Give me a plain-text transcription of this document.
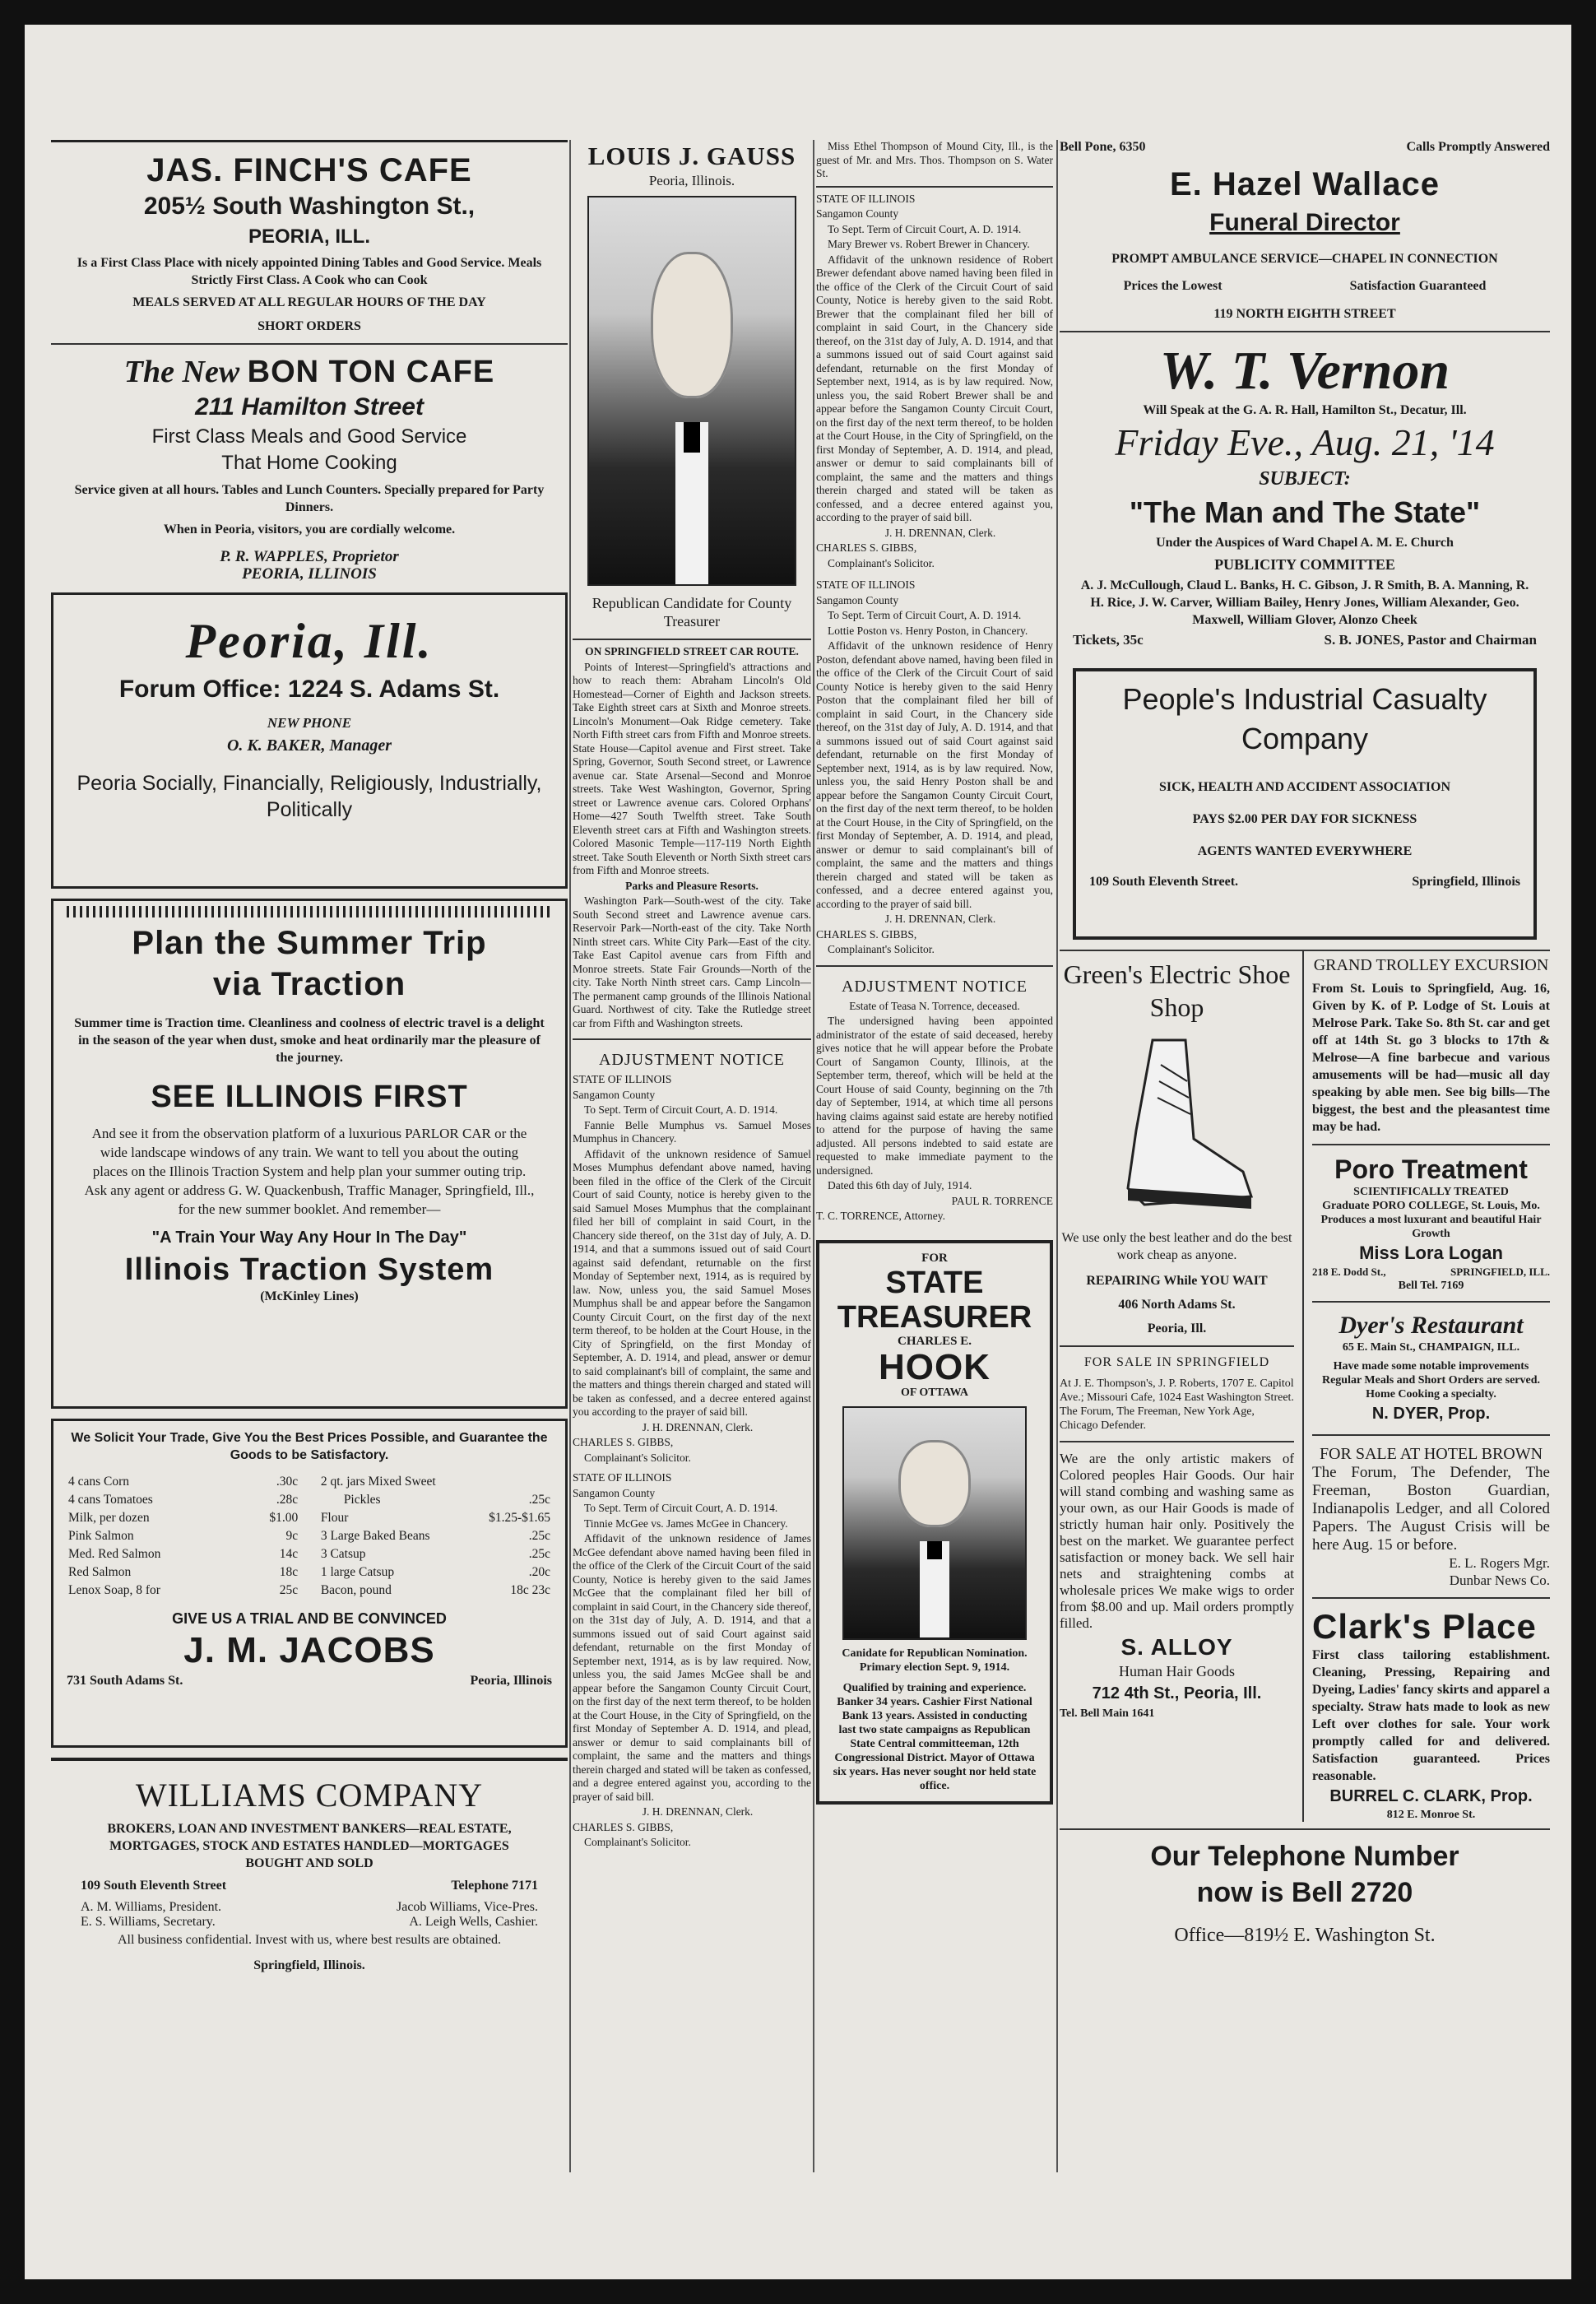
JAS. FINCH'S CAFE
205½ South Washington St.,
PEORIA, ILL.

Is a First Class Place with nicely appointed Dining Tables and Good Service. Meals Strictly First Class. A Cook who can Cook

MEALS SERVED AT ALL REGULAR HOURS OF THE DAY

SHORT ORDERS

The New BON TON CAFE
211 Hamilton Street
First Class Meals and Good Service
That Home Cooking

Service given at all hours. Tables and Lunch Counters. Specially prepared for Party Dinners.

When in Peoria, visitors, you are cordially welcome.

P. R. WAPPLES, Proprietor

PEORIA, ILLINOIS

Peoria, Ill.
Forum Office: 1224 S. Adams St.
NEW PHONE
O. K. BAKER, Manager
Peoria Socially, Financially, Religiously, Industrially, Politically
Plan the Summer Trip
via Traction

Summer time is Traction time. Cleanliness and coolness of electric travel is a delight in the season of the year when dust, smoke and heat ordinarily mar the pleasure of the journey.

SEE ILLINOIS FIRST

And see it from the observation platform of a luxurious PARLOR CAR or the wide landscape windows of any train. We want to tell you about the outing places on the Illinois Traction System and help plan your summer outing trip. Ask any agent or address G. W. Quackenbush, Traffic Manager, Springfield, Ill., for the new summer booklet. And remember—

"A Train Your Way Any Hour In The Day"
Illinois Traction System
(McKinley Lines)

We Solicit Your Trade, Give You the Best Prices Possible, and Guarantee the Goods to be Satisfactory.

4 cans Corn	.30c
4 cans Tomatoes	.28c
Milk, per dozen	$1.00
Pink Salmon	9c
Med. Red Salmon	14c
Red Salmon	18c
Lenox Soap, 8 for	25c
2 qt. jars Mixed Sweet	
Pickles	.25c
Flour	$1.25-$1.65
3 Large Baked Beans	.25c
3 Catsup	.25c
1 large Catsup	.20c
Bacon, pound	18c 23c
GIVE US A TRIAL AND BE CONVINCED
J. M. JACOBS
731 South Adams St.	Peoria, Illinois
WILLIAMS COMPANY

BROKERS, LOAN AND INVESTMENT BANKERS—REAL ESTATE, MORTGAGES, STOCK AND ESTATES HANDLED—MORTGAGES BOUGHT AND SOLD

109 South Eleventh Street	Telephone 7171
A. M. Williams, President.	Jacob Williams, Vice-Pres.
E. S. Williams, Secretary.	A. Leigh Wells, Cashier.

All business confidential. Invest with us, where best results are obtained.

Springfield, Illinois.

LOUIS J. GAUSS
Peoria, Illinois.
Republican Candidate for County Treasurer

ON SPRINGFIELD STREET CAR ROUTE.

Points of Interest—Springfield's attractions and how to reach them: Abraham Lincoln's Old Homestead—Corner of Eighth and Jackson streets. Take Eighth street cars at Sixth and Monroe streets. Lincoln's Monument—Oak Ridge cemetery. Take North Fifth street cars from Fifth and Monroe streets. State House—Capitol avenue and First street. Take Spring, Governor, South Second street, or Lawrence avenue car. State Arsenal—Second and Monroe streets. Take West Washington, Governor, Spring street or Lawrence avenue cars. Colored Orphans' Home—427 South Twelfth street. Take South Eleventh street cars at Fifth and Washington streets. Colored Masonic Temple—117-119 North Eighth street. Take South Eleventh or North Sixth street cars from Fifth and Monroe streets.

Parks and Pleasure Resorts.

Washington Park—South-west of the city. Take South Second street and Lawrence avenue cars. Reservoir Park—North-east of the city. Take North Ninth street cars. White City Park—East of the city. Take East Capitol avenue cars from Fifth and Monroe streets. State Fair Grounds—North of the city. Take North Ninth street cars. Camp Lincoln—The permanent camp grounds of the Illinois National Guard. Northwest of city. Take the Rutledge street car from Fifth and Washington streets.

ADJUSTMENT NOTICE

STATE OF ILLINOIS

Sangamon County

To Sept. Term of Circuit Court, A. D. 1914.

Fannie Belle Mumphus vs. Samuel Moses Mumphus in Chancery.

Affidavit of the unknown residence of Samuel Moses Mumphus defendant above named, having been filed in the office of the Clerk of the Circuit Court of said County, notice is hereby given to the said Samuel Moses Mumphus that the complainant filed her bill of complaint in said Court, in the Chancery side thereof, on the 31st day of July, A. D. 1914, and that a summons issued out of said Court against said defendant, returnable on the first Monday of September next, 1914, as is required by law. Now, unless you, the said Samuel Moses Mumphus shall be and appear before the Sangamon County Circuit Court, on the first day of the next term thereof, to be holden at the Court House, in the City of Springfield, on the first Monday of September, A. D. 1914, and plead, answer or demur to said complainant's bill of complaint, the same and the matters and things therein charged and stated will be taken as confessed, and a decree entered against you according to the prayer of said bill.

J. H. DRENNAN, Clerk.

CHARLES S. GIBBS,

Complainant's Solicitor.

STATE OF ILLINOIS

Sangamon County

To Sept. Term of Circuit Court, A. D. 1914.

Tinnie McGee vs. James McGee in Chancery.

Affidavit of the unknown residence of James McGee defendant above named having been filed in the office of the Clerk of the Circuit Court of the said County, Notice is hereby given to the said James McGee that the complainant filed her bill of complaint in said Court, in the Chancery side thereof, on the 31st day of July, A. D. 1914, and that a summons issued out of said Court against said defendant, returnable on the first Monday of September next, 1914, as is by law required. Now, unless you, the said James McGee shall be and appear before the Sangamon County Circuit Court, on the first day of the next term thereof, to be holden at the Court House, in the City of Springfield, on the first Monday of September A. D. 1914, and plead, answer or demur to said complainants bill of complaint, the same and the matters and things therein charged and stated will be taken as confessed, and a degree entered against you, according to the prayer of said bill.

J. H. DRENNAN, Clerk.

CHARLES S. GIBBS,

Complainant's Solicitor.

Miss Ethel Thompson of Mound City, Ill., is the guest of Mr. and Mrs. Thos. Thompson on S. Water St.

STATE OF ILLINOIS

Sangamon County

To Sept. Term of Circuit Court, A. D. 1914.

Mary Brewer vs. Robert Brewer in Chancery.

Affidavit of the unknown residence of Robert Brewer defendant above named having been filed in the office of the Clerk of the Circuit Court of said County, Notice is hereby given to the said Robt. Brewer that the complainant filed her bill of complaint in said Court, in the Chancery side thereof, on the 31st day of July, A. D. 1914, and that a summons issued out of said Court against said defendant, returnable on the first Monday of September next, 1914, as is by law required. Now, unless you, the said Robert Brewer shall be and appear before the Sangamon County Circuit Court, on the first day of the next term thereof, to be holden at the Court House, in the City of Springfield, on the first Monday of September, A. D. 1914, and plead, answer or demur to said complainants bill of complaint, the same and the matters and things therein charged and stated will be taken as confessed, and a decree entered against you, according to the prayer of said bill.

J. H. DRENNAN, Clerk.

CHARLES S. GIBBS,

Complainant's Solicitor.

STATE OF ILLINOIS

Sangamon County

To Sept. Term of Circuit Court, A. D. 1914.

Lottie Poston vs. Henry Poston, in Chancery.

Affidavit of the unknown residence of Henry Poston, defendant above named, having been filed in the office of the Clerk of the Circuit Court of said County Notice is hereby given to the said Henry Poston that the complainant filed her bill of complaint in said Court, in the Chancery side thereof, on the 31st day of July, A. D. 1914, and that a summons issued out of said Court against said defendant, returnable on the first Monday of September next, 1914, as is by law required. Now, unless you, the said Henry Poston shall be and appear before the Sangamon County Circuit Court, on the first day of the next term thereof, to be holden at the Court House, in the City of Springfield, on the first Monday of September, A. D. 1914, and plead, answer or demur to said complainant's bill of complaint, the same and the matters and things therein charged and stated will be taken as confessed, and a decree entered against you, according to the prayer of said bill.

J. H. DRENNAN, Clerk.

CHARLES S. GIBBS,

Complainant's Solicitor.

ADJUSTMENT NOTICE

Estate of Teasa N. Torrence, deceased.

The undersigned having been appointed administrator of the estate of said deceased, hereby gives notice that he will appear before the Probate Court of Sangamon County, Illinois, at the September term, thereof, which will be held at the Court House of said County, beginning on the 7th day of September, 1914, at which time all persons having claims against said estate are hereby notified to attend for the purpose of having the same adjusted. All persons indebted to said estate are requested to make immediate payment to the undersigned.

Dated this 6th day of July, 1914.

PAUL R. TORRENCE

T. C. TORRENCE, Attorney.

FOR
STATE TREASURER
CHARLES E.
HOOK
OF OTTAWA

Canidate for Republican Nomination. Primary election Sept. 9, 1914.

Qualified by training and experience. Banker 34 years. Cashier First National Bank 13 years. Assisted in conducting last two state campaigns as Republican State Central committeeman, 12th Congressional District. Mayor of Ottawa six years. Has never sought nor held state office.

Bell Pone, 6350	Calls Promptly Answered
E. Hazel Wallace
Funeral Director

PROMPT AMBULANCE SERVICE—CHAPEL IN CONNECTION

Prices the Lowest	Satisfaction Guaranteed

119 NORTH EIGHTH STREET

W. T. Vernon

Will Speak at the G. A. R. Hall, Hamilton St., Decatur, Ill.

Friday Eve., Aug. 21, '14
SUBJECT:
"The Man and The State"

Under the Auspices of Ward Chapel A. M. E. Church

PUBLICITY COMMITTEE

A. J. McCullough, Claud L. Banks, H. C. Gibson, J. R Smith, B. A. Manning, R. H. Rice, J. W. Carver, William Bailey, Henry Jones, William Alexander, Geo. Maxwell, William Glover, Alonzo Cheek

Tickets, 35c	S. B. JONES, Pastor and Chairman
People's Industrial Casualty Company

SICK, HEALTH AND ACCIDENT ASSOCIATION

PAYS $2.00 PER DAY FOR SICKNESS

AGENTS WANTED EVERYWHERE

109 South Eleventh Street.	Springfield, Illinois
Green's Electric Shoe Shop

We use only the best leather and do the best work cheap as anyone.

REPAIRING While YOU WAIT

406 North Adams St.

Peoria, Ill.

FOR SALE IN SPRINGFIELD

At J. E. Thompson's, J. P. Roberts, 1707 E. Capitol Ave.; Missouri Cafe, 1024 East Washington Street. The Forum, The Freeman, New York Age, Chicago Defender.

We are the only artistic makers of Colored peoples Hair Goods. Our hair will stand combing and washing same as your own, as our Hair Goods is made of strictly human hair only. Positively the best on the market. We guarantee perfect satisfaction or money back. We sell hair nets and straightening combs at wholesale prices We make wigs to order from $8.00 and up. Mail orders promptly filled.

S. ALLOY
Human Hair Goods
712 4th St., Peoria, Ill.
Tel. Bell Main 1641
GRAND TROLLEY EXCURSION

From St. Louis to Springfield, Aug. 16, Given by K. of P. Lodge of St. Louis at Melrose Park. Take So. 8th St. car and get off at 14th St. go 3 blocks to 17th & Melrose—A fine barbecue and various amusements will be had—music all day speaking by able men. See big bills—The biggest, the best and the pleasantest time may be had.

Poro Treatment
SCIENTIFICALLY TREATED
Graduate PORO COLLEGE, St. Louis, Mo.
Produces a most luxurant and beautiful Hair Growth
Miss Lora Logan
218 E. Dodd St.,	SPRINGFIELD, ILL.
Bell Tel. 7169
Dyer's Restaurant
65 E. Main St., CHAMPAIGN, ILL.
Have made some notable improvements Regular Meals and Short Orders are served. Home Cooking a specialty.
N. DYER, Prop.

FOR SALE AT HOTEL BROWN

The Forum, The Defender, The Freeman, Boston Guardian, Indianapolis Ledger, and all Colored Papers. The August Crisis will be here Aug. 15 or before.

E. L. Rogers Mgr.

Dunbar News Co.

Clark's Place

First class tailoring establishment. Cleaning, Pressing, Repairing and Dyeing, Ladies' fancy skirts and apparel a specialty. Straw hats made to look as new Left over clothes for sale. Your work promptly called for and delivered. Satisfaction guaranteed. Prices reasonable.

BURREL C. CLARK, Prop.
812 E. Monroe St.
Our Telephone Number
now is Bell 2720
Office—819½ E. Washington St.
